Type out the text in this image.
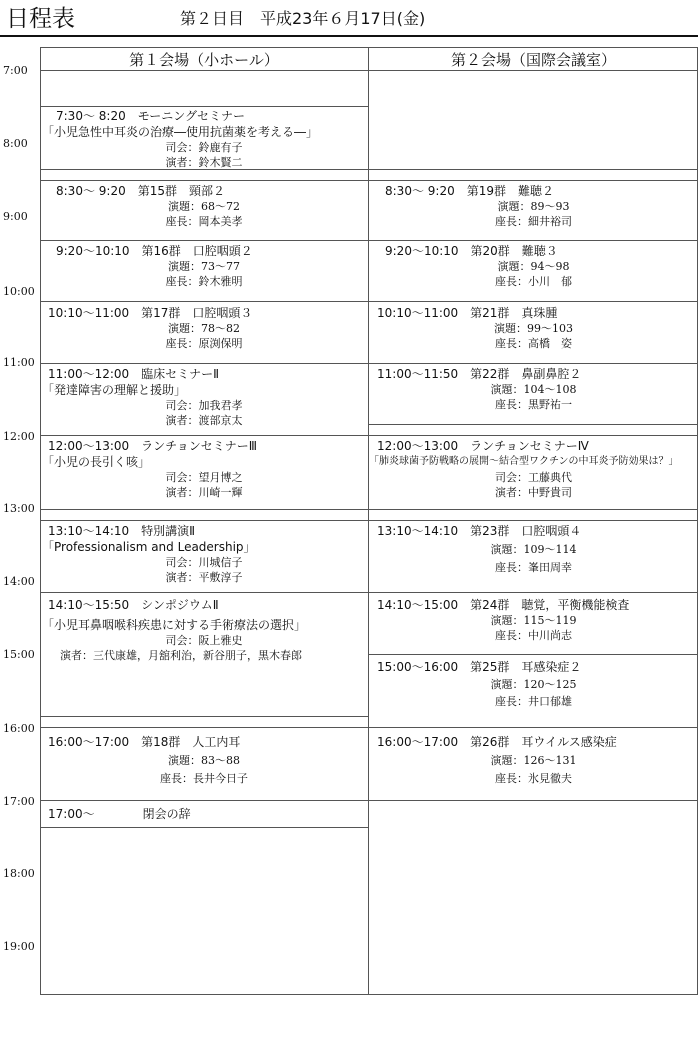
日程表	第２日目　平成23年６月17日(金)
7:00
8:00
9:00
10:00
11:00
12:00
13:00
14:00
15:00
16:00
17:00
18:00
19:00
第１会場（小ホール）	第２会場（国際会議室）
7:30～ 8:20　モーニングセミナー
「小児急性中耳炎の治療―使用抗菌薬を考える―」
司会：鈴鹿有子
演者：鈴木賢二
8:30～ 9:20　第15群　頸部２
演題：68～72
座長：岡本美孝
9:20～10:10　第16群　口腔咽頭２
演題：73～77
座長：鈴木雅明
10:10～11:00　第17群　口腔咽頭３
演題：78～82
座長：原渕保明
11:00～12:00　臨床セミナーⅡ
「発達障害の理解と援助」
司会：加我君孝
演者：渡部京太
12:00～13:00　ランチョンセミナーⅢ
「小児の長引く咳」
司会：望月博之
演者：川崎一輝
13:10～14:10　特別講演Ⅱ
「Professionalism and Leadership」
司会：川城信子
演者：平敷淳子
14:10～15:50　シンポジウムⅡ
「小児耳鼻咽喉科疾患に対する手術療法の選択」
司会：阪上雅史
演者：三代康雄，月舘利治，新谷朋子，黒木春郎
16:00～17:00　第18群　人工内耳
演題：83～88
座長：長井今日子
17:00～　　　　閉会の辞
8:30～ 9:20　第19群　難聴２
演題：89～93
座長：細井裕司
9:20～10:10　第20群　難聴３
演題：94～98
座長：小川　郁
10:10～11:00　第21群　真珠腫
演題：99～103
座長：高橋　姿
11:00～11:50　第22群　鼻副鼻腔２
演題：104～108
座長：黒野祐一
12:00～13:00　ランチョンセミナーⅣ
「肺炎球菌予防戦略の展開～結合型ワクチンの中耳炎予防効果は？」
司会：工藤典代
演者：中野貴司
13:10～14:10　第23群　口腔咽頭４
演題：109～114
座長：峯田周幸
14:10～15:00　第24群　聴覚，平衡機能検査
演題：115～119
座長：中川尚志
15:00～16:00　第25群　耳感染症２
演題：120～125
座長：井口郁雄
16:00～17:00　第26群　耳ウイルス感染症
演題：126～131
座長：氷見徹夫
